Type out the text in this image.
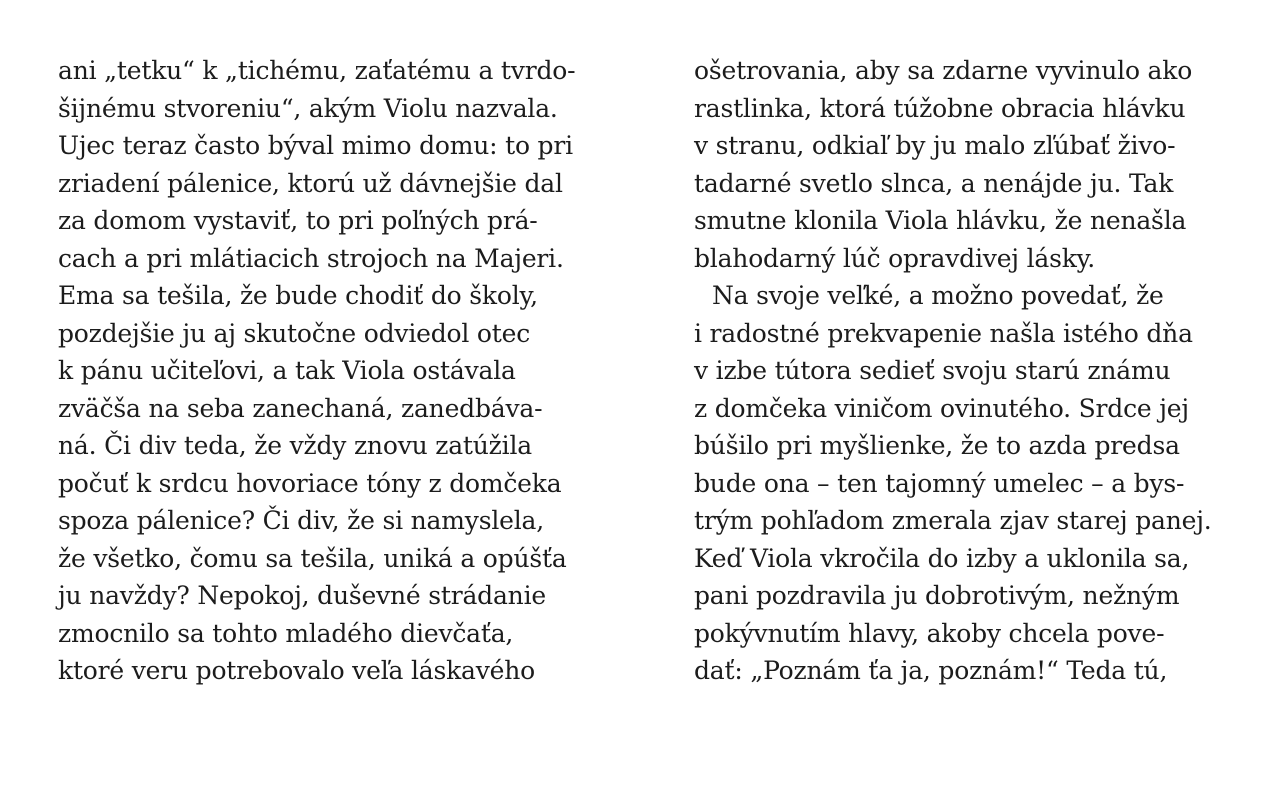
ani „tetku“ k „tichému, zaťatému a tvrdo-
šijnému stvoreniu“, akým Violu nazvala.
Ujec teraz často býval mimo domu: to pri
zriadení pálenice, ktorú už dávnejšie dal
za domom vystaviť, to pri poľných prá-
cach a pri mlátiacich strojoch na Majeri.
Ema sa tešila, že bude chodiť do školy,
pozdejšie ju aj skutočne odviedol otec
k pánu učiteľovi, a tak Viola ostávala
zväčša na seba zanechaná, zanedbáva-
ná. Či div teda, že vždy znovu zatúžila
počuť k srdcu hovoriace tóny z domčeka
spoza pálenice? Či div, že si namyslela,
že všetko, čomu sa tešila, uniká a opúšťa
ju navždy? Nepokoj, duševné strádanie
zmocnilo sa tohto mladého dievčaťa,
ktoré veru potrebovalo veľa láskavého
ošetrovania, aby sa zdarne vyvinulo ako
rastlinka, ktorá túžobne obracia hlávku
v stranu, odkiaľ by ju malo zľúbať živo-
tadarné svetlo slnca, a nenájde ju. Tak
smutne klonila Viola hlávku, že nenašla
blahodarný lúč opravdivej lásky.
Na svoje veľké, a možno povedať, že
i radostné prekvapenie našla istého dňa
v izbe tútora sedieť svoju starú známu
z domčeka viničom ovinutého. Srdce jej
búšilo pri myšlienke, že to azda predsa
bude ona – ten tajomný umelec – a bys-
trým pohľadom zmerala zjav starej panej.
Keď Viola vkročila do izby a uklonila sa,
pani pozdravila ju dobrotivým, nežným
pokývnutím hlavy, akoby chcela pove-
dať: „Poznám ťa ja, poznám!“ Teda tú,
